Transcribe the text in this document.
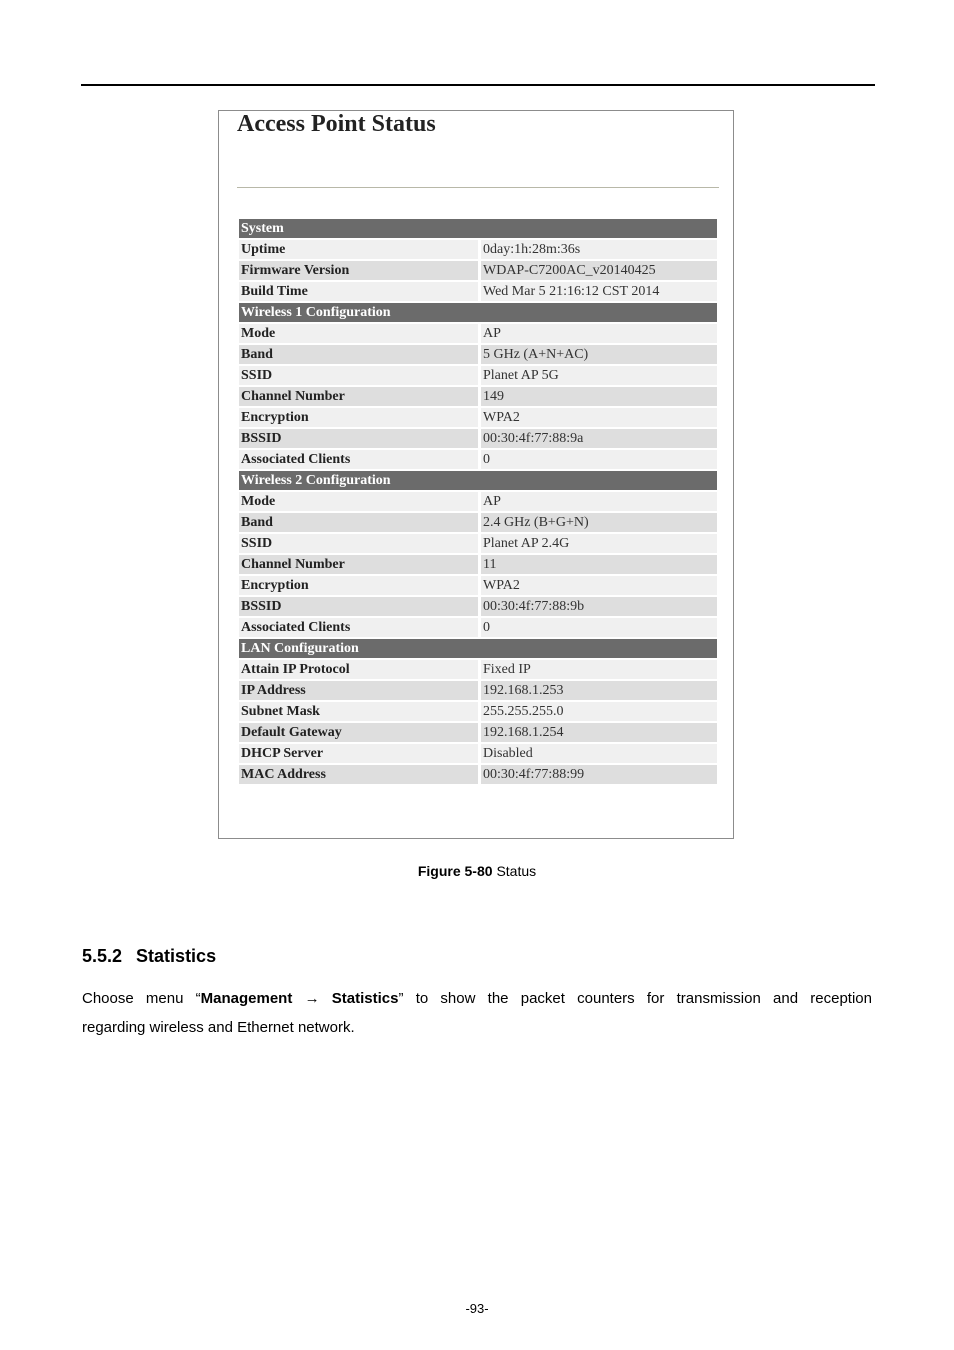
Access Point Status
System	
Uptime	0day:1h:28m:36s
Firmware Version	WDAP-C7200AC_v20140425
Build Time	Wed Mar 5 21:16:12 CST 2014
Wireless 1 Configuration	
Mode	AP
Band	5 GHz (A+N+AC)
SSID	Planet AP 5G
Channel Number	149
Encryption	WPA2
BSSID	00:30:4f:77:88:9a
Associated Clients	0
Wireless 2 Configuration	
Mode	AP
Band	2.4 GHz (B+G+N)
SSID	Planet AP 2.4G
Channel Number	11
Encryption	WPA2
BSSID	00:30:4f:77:88:9b
Associated Clients	0
LAN Configuration	
Attain IP Protocol	Fixed IP
IP Address	192.168.1.253
Subnet Mask	255.255.255.0
Default Gateway	192.168.1.254
DHCP Server	Disabled
MAC Address	00:30:4f:77:88:99
Figure 5-80 Status
5.5.2 Statistics
Choose menu “Management → Statistics” to show the packet counters for transmission and reception
regarding wireless and Ethernet network.
-93-
